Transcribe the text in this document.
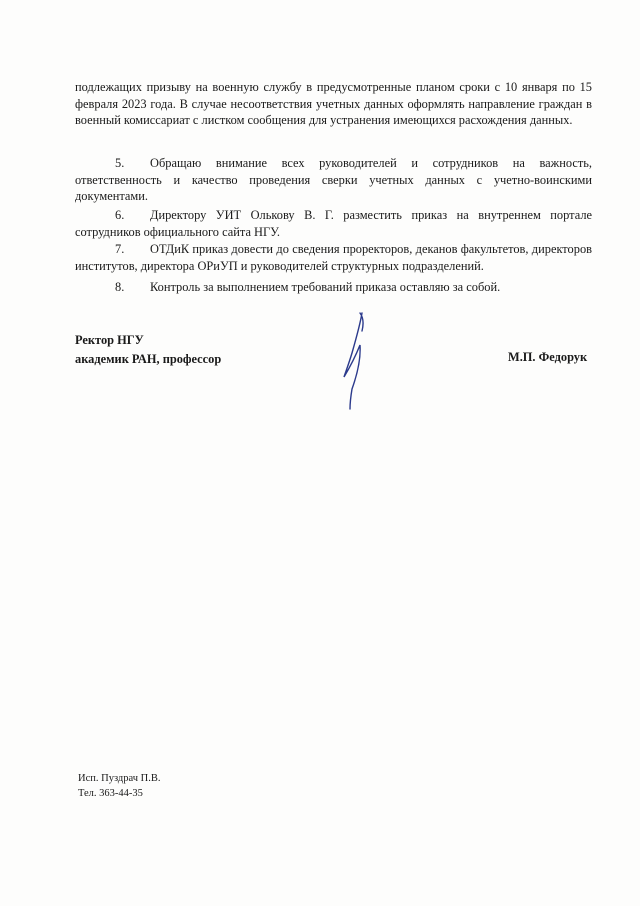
подлежащих призыву на военную службу в предусмотренные планом сроки с 10 января по 15 февраля 2023 года. В случае несоответствия учетных данных оформлять направление граждан в военный комиссариат с листком сообщения для устранения имеющихся расхождения данных.
5. Обращаю внимание всех руководителей и сотрудников на важность, ответственность и качество проведения сверки учетных данных с учетно-воинскими документами.
6. Директору УИТ Олькову В. Г. разместить приказ на внутреннем портале сотрудников официального сайта НГУ.
7. ОТДиК приказ довести до сведения проректоров, деканов факультетов, директоров институтов, директора ОРиУП и руководителей структурных подразделений.
8. Контроль за выполнением требований приказа оставляю за собой.
Ректор НГУ
академик РАН, профессор	М.П. Федорук
Исп. Пуздрач П.В.
Тел. 363-44-35
